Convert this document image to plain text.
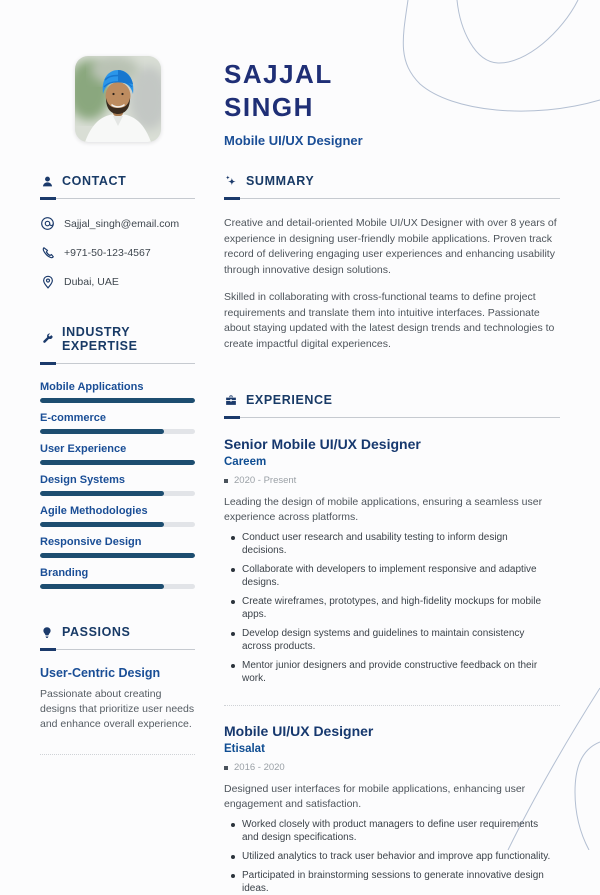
SAJJAL
SINGH
Mobile UI/UX Designer
CONTACT
Sajjal_singh@email.com
+971-50-123-4567
Dubai, UAE
INDUSTRY EXPERTISE
Mobile Applications
E-commerce
User Experience
Design Systems
Agile Methodologies
Responsive Design
Branding
PASSIONS
User-Centric Design

Passionate about creating designs that prioritize user needs and enhance overall experience.

SUMMARY

Creative and detail-oriented Mobile UI/UX Designer with over 8 years of experience in designing user-friendly mobile applications. Proven track record of delivering engaging user experiences and enhancing usability through innovative design solutions.

Skilled in collaborating with cross-functional teams to define project requirements and translate them into intuitive interfaces. Passionate about staying updated with the latest design trends and technologies to create impactful digital experiences.

EXPERIENCE
Senior Mobile UI/UX Designer
Careem
2020 - Present

Leading the design of mobile applications, ensuring a seamless user experience across platforms.

Conduct user research and usability testing to inform design decisions.
Collaborate with developers to implement responsive and adaptive designs.
Create wireframes, prototypes, and high-fidelity mockups for mobile apps.
Develop design systems and guidelines to maintain consistency across products.
Mentor junior designers and provide constructive feedback on their work.
Mobile UI/UX Designer
Etisalat
2016 - 2020

Designed user interfaces for mobile applications, enhancing user engagement and satisfaction.

Worked closely with product managers to define user requirements and design specifications.
Utilized analytics to track user behavior and improve app functionality.
Participated in brainstorming sessions to generate innovative design ideas.
